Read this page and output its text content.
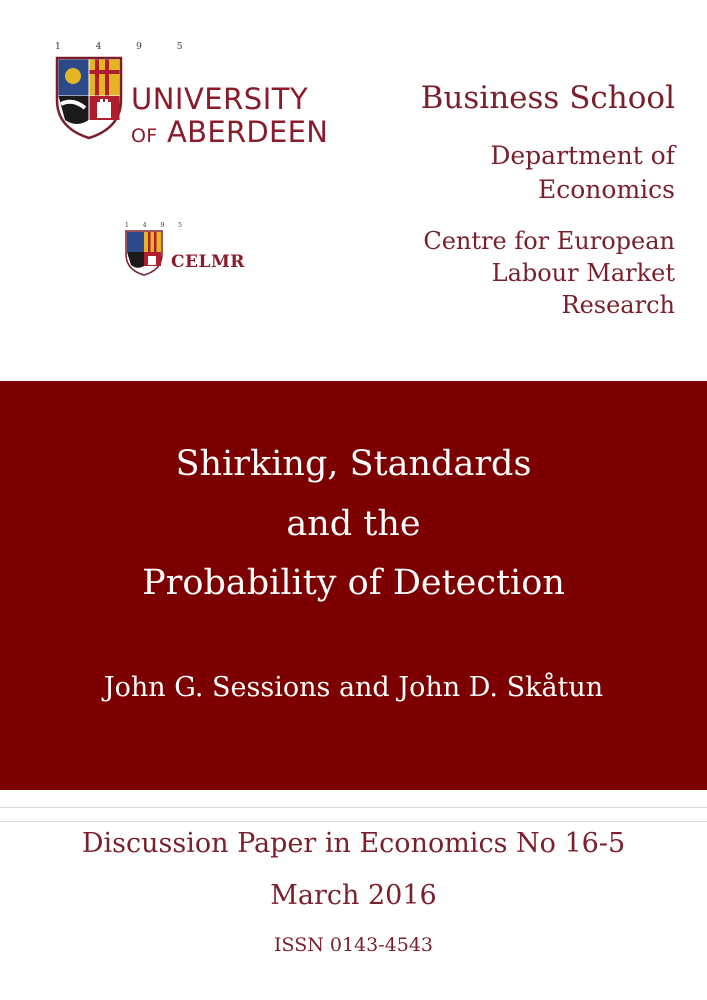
1 4 9 5
UNIVERSITY
OF ABERDEEN
1 4 9 5
CELMR
Business School
Department of
Economics
Centre for European
Labour Market
Research
Shirking, Standards
and the
Probability of Detection
John G. Sessions and John D. Skåtun
Discussion Paper in Economics No 16-5
March 2016
ISSN 0143-4543
